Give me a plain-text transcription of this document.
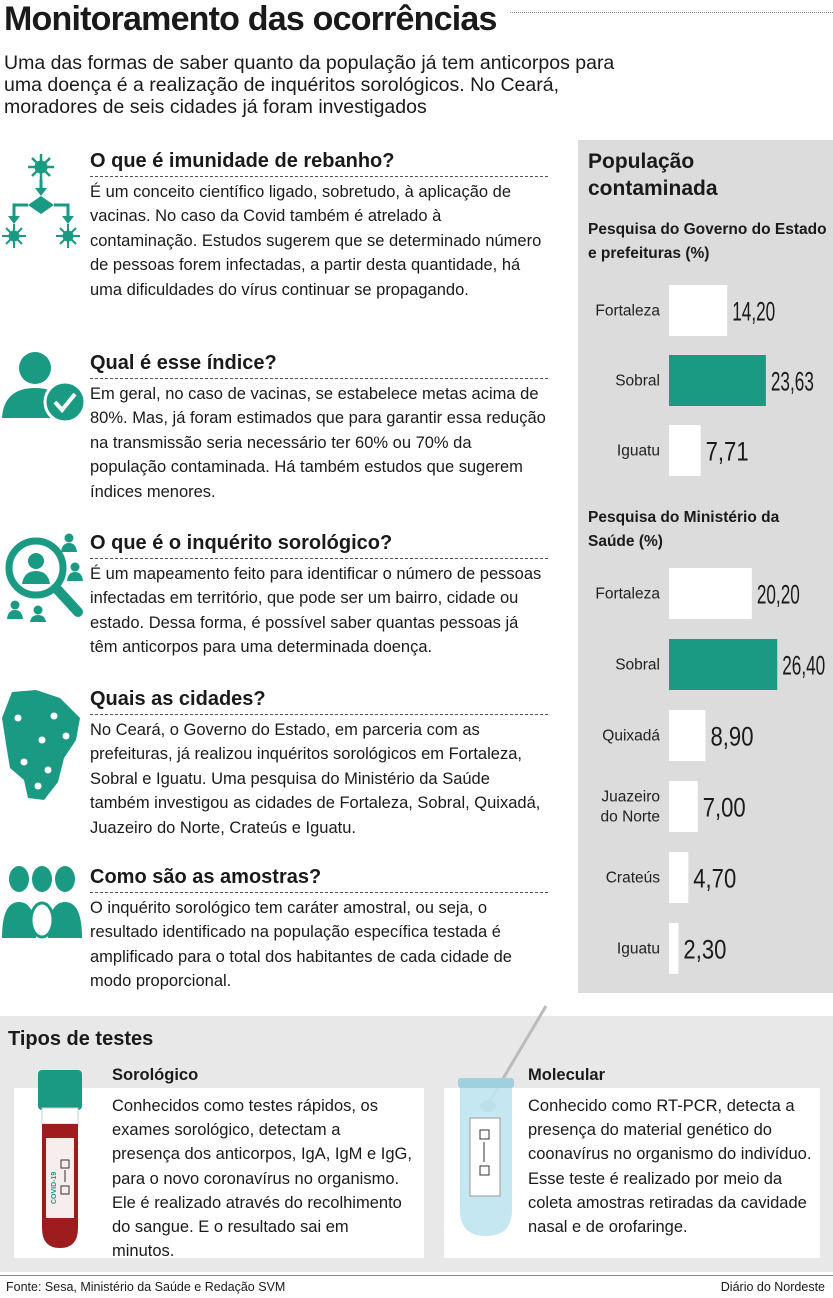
Monitoramento das ocorrências
Uma das formas de saber quanto da população já tem anticorpos para uma doença é a realização de inquéritos sorológicos. No Ceará, moradores de seis cidades já foram investigados
O que é imunidade de rebanho?
É um conceito científico ligado, sobretudo, à aplicação de vacinas. No caso da Covid também é atrelado à contaminação. Estudos sugerem que se determinado número de pessoas forem infectadas, a partir desta quantidade, há uma dificuldades do vírus continuar se propagando.
Qual é esse índice?
Em geral, no caso de vacinas, se estabelece metas acima de 80%. Mas, já foram estimados que para garantir essa redução na transmissão seria necessário ter 60% ou 70% da população contaminada. Há também estudos que sugerem índices menores.
O que é o inquérito sorológico?
É um mapeamento feito para identificar o número de pessoas infectadas em território, que pode ser um bairro, cidade ou estado. Dessa forma, é possível saber quantas pessoas já têm anticorpos para uma determinada doença.
Quais as cidades?
No Ceará, o Governo do Estado, em parceria com as prefeituras, já realizou inquéritos sorológicos em Fortaleza, Sobral e Iguatu. Uma pesquisa do Ministério da Saúde também investigou as cidades de Fortaleza, Sobral, Quixadá, Juazeiro do Norte, Crateús e Iguatu.
Como são as amostras?
O inquérito sorológico tem caráter amostral, ou seja, o resultado identificado na população específica testada é amplificado para o total dos habitantes de cada cidade de modo proporcional.
População contaminada
Pesquisa do Governo do Estado e prefeituras (%)
Pesquisa do Ministério da Saúde (%)
Fortaleza	14,20
Sobral	23,63
Iguatu 7,71
Fortaleza	20,20
Sobral	26,40
Quixadá 8,90
Juazeiro do Norte 7,00
Crateús 4,70
Iguatu 2,30
Tipos de testes
COVID-19
Sorológico
Conhecidos como testes rápidos, os exames sorológico, detectam a presença dos anticorpos, IgA, IgM e IgG, para o novo coronavírus no organismo. Ele é realizado através do recolhimento do sangue. E o resultado sai em minutos.
Molecular
Conhecido como RT-PCR, detecta a presença do material genético do coonavírus no organismo do indivíduo. Esse teste é realizado por meio da coleta amostras retiradas da cavidade nasal e de orofaringe.
Fonte: Sesa, Ministério da Saúde e Redação SVM	Diário do Nordeste
